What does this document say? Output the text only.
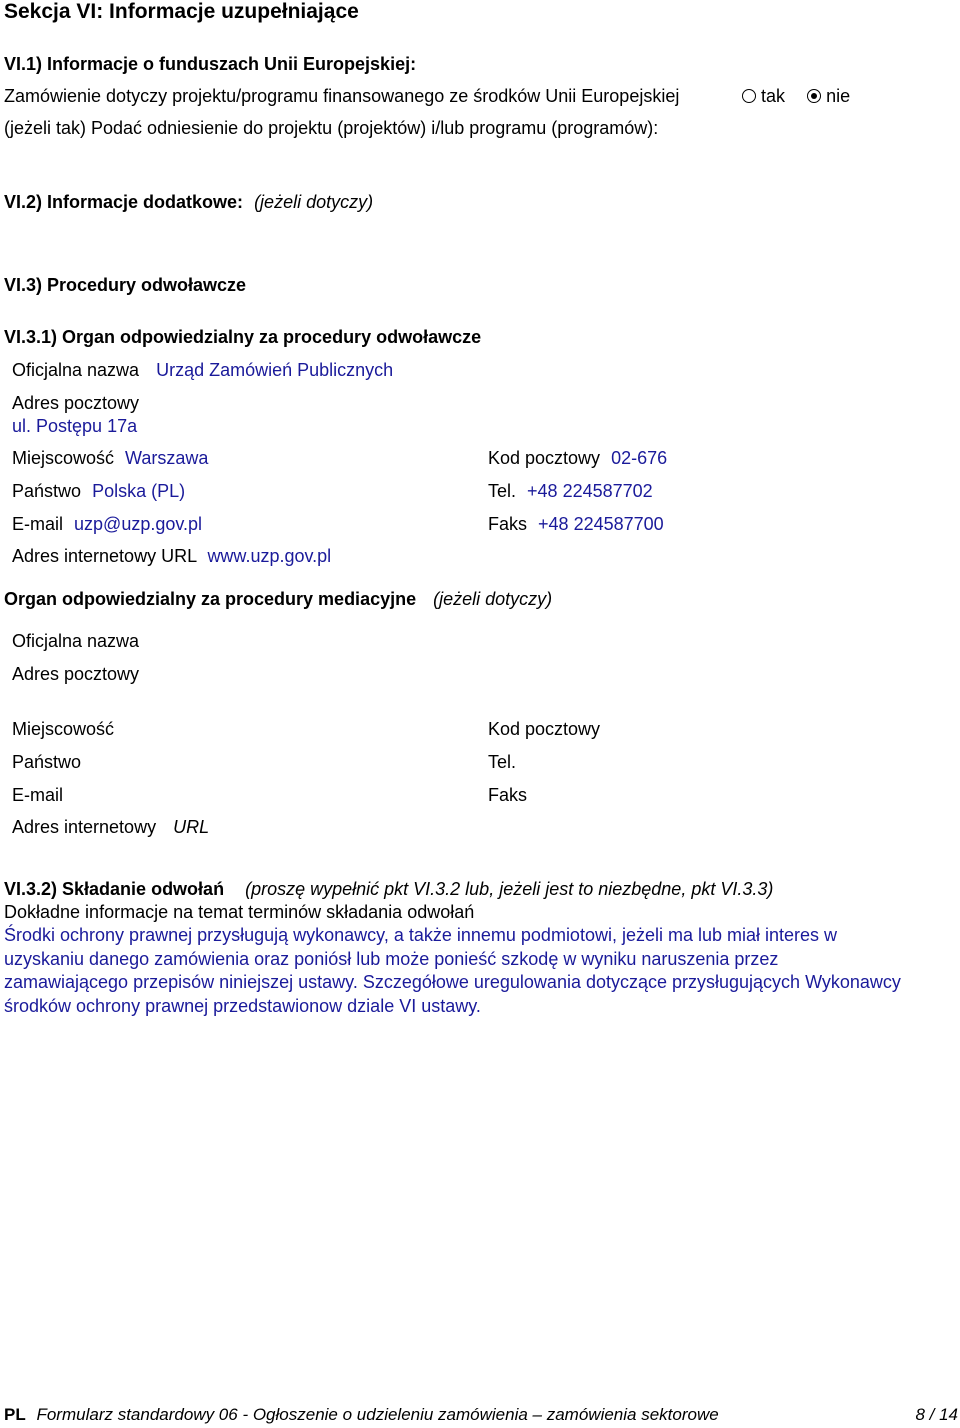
Sekcja VI: Informacje uzupełniające
VI.1) Informacje o funduszach Unii Europejskiej:
Zamówienie dotyczy projektu/programu finansowanego ze środków Unii Europejskiej	tak nie
(jeżeli tak) Podać odniesienie do projektu (projektów) i/lub programu (programów):
VI.2) Informacje dodatkowe: (jeżeli dotyczy)
VI.3) Procedury odwoławcze
VI.3.1) Organ odpowiedzialny za procedury odwoławcze
Oficjalna nazwa Urząd Zamówień Publicznych
Adres pocztowy
ul. Postępu 17a
Miejscowość Warszawa	Kod pocztowy 02-676
Państwo Polska (PL)	Tel. +48 224587702
E-mail uzp@uzp.gov.pl	Faks +48 224587700
Adres internetowy URL www.uzp.gov.pl
Organ odpowiedzialny za procedury mediacyjne (jeżeli dotyczy)
Oficjalna nazwa
Adres pocztowy
Miejscowość	Kod pocztowy
Państwo	Tel.
E-mail	Faks
Adres internetowy URL
VI.3.2) Składanie odwołań (proszę wypełnić pkt VI.3.2 lub, jeżeli jest to niezbędne, pkt VI.3.3)
Dokładne informacje na temat terminów składania odwołań
Środki ochrony prawnej przysługują wykonawcy, a także innemu podmiotowi, jeżeli ma lub miał interes w uzyskaniu danego zamówienia oraz poniósł lub może ponieść szkodę w wyniku naruszenia przez zamawiającego przepisów niniejszej ustawy. Szczegółowe uregulowania dotyczące przysługujących Wykonawcy środków ochrony prawnej przedstawionow dziale VI ustawy.
PL Formularz standardowy 06 - Ogłoszenie o udzieleniu zamówienia – zamówienia sektorowe	8 / 14
